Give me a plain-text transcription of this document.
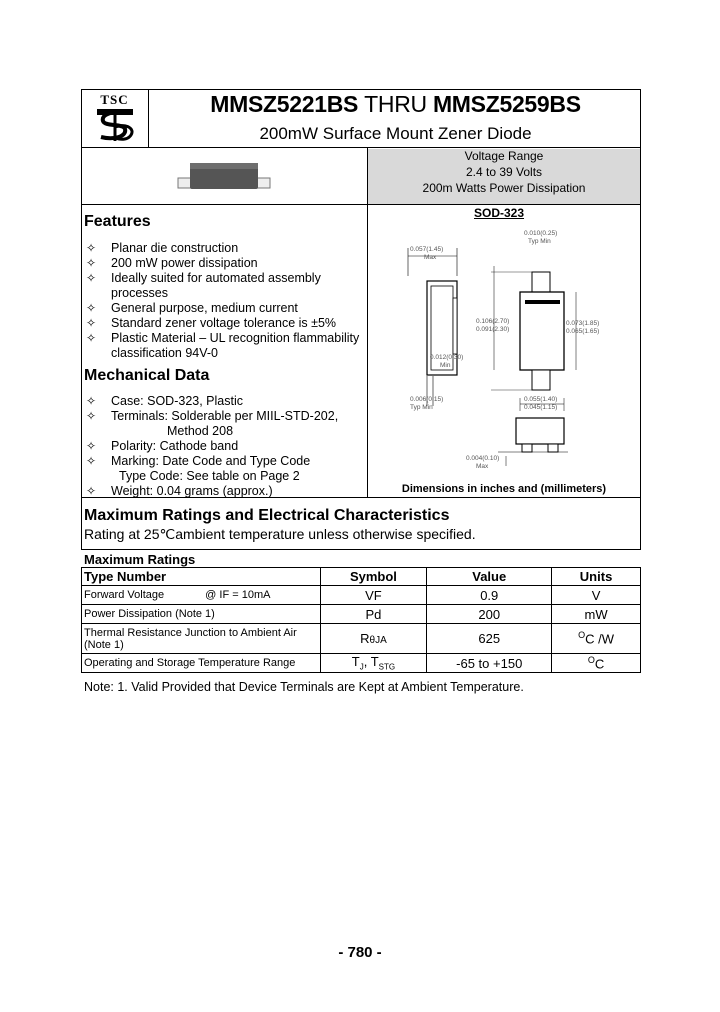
TSC	MMSZ5221BS THRU MMSZ5259BS
200mW Surface Mount Zener Diode
Voltage Range
2.4 to 39 Volts
200m Watts Power Dissipation
Features
✧ Planar die construction
✧ 200 mW power dissipation
✧ Ideally suited for automated assembly
processes
✧ General purpose, medium current
✧ Standard zener voltage tolerance is ±5%
✧ Plastic Material – UL recognition flammability
classification 94V-0
Mechanical Data
✧ Case: SOD-323, Plastic
✧ Terminals: Solderable per MIIL-STD-202,
Method 208
✧ Polarity: Cathode band
✧ Marking: Date Code and Type Code
Type Code: See table on Page 2
✧ Weight: 0.04 grams (approx.)
SOD-323
0.057(1.45)
Max
0.010(0.25)
Typ Min
0.106(2.70)
0.091(2.30)
0.073(1.85)
0.065(1.65)
0.012(0.30)
Min
0.006(0.15)
Typ Min
0.055(1.40)
0.045(1.15)
0.004(0.10)
Max
Dimensions in inches and (millimeters)
Maximum Ratings and Electrical Characteristics
Rating at 25℃ambient temperature unless otherwise specified.
Maximum Ratings
Type Number	Symbol	Value	Units
Forward Voltage @ IF = 10mA	VF	0.9	V
Power Dissipation (Note 1)	Pd	200	mW

Thermal Resistance Junction to Ambient Air
(Note 1)	RθJA	625	$^O$C /W
Operating and Storage Temperature Range	$T_J$, $T_{STG}$	-65 to +150	$^O$C
Note: 1. Valid Provided that Device Terminals are Kept at Ambient Temperature.
- 780 -
